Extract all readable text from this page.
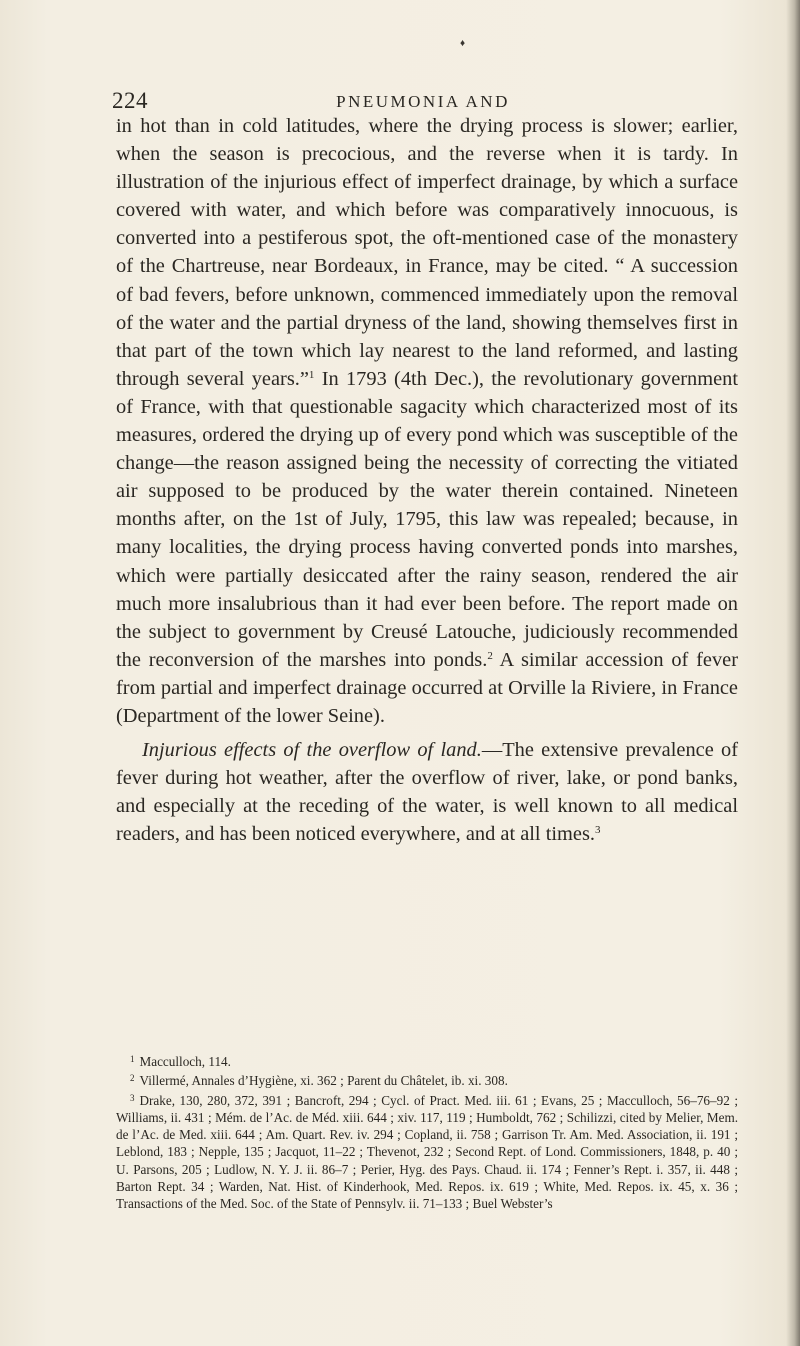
♦
224	PNEUMONIA AND

in hot than in cold latitudes, where the drying process is slower; earlier, when the season is precocious, and the reverse when it is tardy. In illustration of the injurious effect of imperfect drainage, by which a surface covered with water, and which before was comparatively innocuous, is converted into a pestiferous spot, the oft-mentioned case of the monastery of the Chartreuse, near Bordeaux, in France, may be cited. “ A succession of bad fevers, before unknown, commenced immediately upon the removal of the water and the partial dryness of the land, showing themselves first in that part of the town which lay nearest to the land reformed, and lasting through several years.”$^1$ In 1793 (4th Dec.), the revolutionary government of France, with that questionable sagacity which characterized most of its measures, ordered the drying up of every pond which was susceptible of the change—the reason assigned being the necessity of correcting the vitiated air supposed to be produced by the water therein contained. Nineteen months after, on the 1st of July, 1795, this law was repealed; because, in many localities, the drying process having converted ponds into marshes, which were partially desiccated after the rainy season, rendered the air much more insalubrious than it had ever been before. The report made on the subject to government by Creusé Latouche, judiciously recommended the reconversion of the marshes into ponds.$^2$ A similar accession of fever from partial and imperfect drainage occurred at Orville la Riviere, in France (Department of the lower Seine).

Injurious effects of the overflow of land.—The extensive prevalence of fever during hot weather, after the overflow of river, lake, or pond banks, and especially at the receding of the water, is well known to all medical readers, and has been noticed everywhere, and at all times.$^3$

$^1$ Macculloch, 114.

$^2$ Villermé, Annales d’Hygiène, xi. 362 ; Parent du Châtelet, ib. xi. 308.

$^3$ Drake, 130, 280, 372, 391 ; Bancroft, 294 ; Cycl. of Pract. Med. iii. 61 ; Evans, 25 ; Macculloch, 56–76–92 ; Williams, ii. 431 ; Mém. de l’Ac. de Méd. xiii. 644 ; xiv. 117, 119 ; Humboldt, 762 ; Schilizzi, cited by Melier, Mem. de l’Ac. de Med. xiii. 644 ; Am. Quart. Rev. iv. 294 ; Copland, ii. 758 ; Garrison Tr. Am. Med. Association, ii. 191 ; Leblond, 183 ; Nepple, 135 ; Jacquot, 11–22 ; Thevenot, 232 ; Second Rept. of Lond. Commissioners, 1848, p. 40 ; U. Parsons, 205 ; Ludlow, N. Y. J. ii. 86–7 ; Perier, Hyg. des Pays. Chaud. ii. 174 ; Fenner’s Rept. i. 357, ii. 448 ; Barton Rept. 34 ; Warden, Nat. Hist. of Kinderhook, Med. Repos. ix. 619 ; White, Med. Repos. ix. 45, x. 36 ; Transactions of the Med. Soc. of the State of Pennsylv. ii. 71–133 ; Buel Webster’s
